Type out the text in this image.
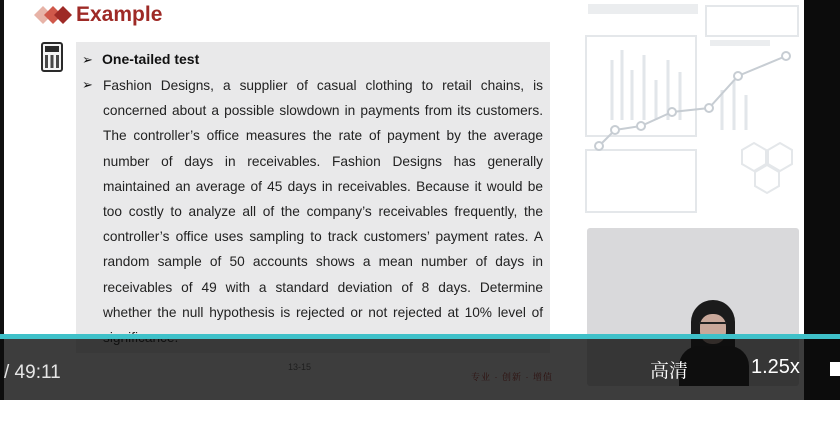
Example
➢ One-tailed test
➢ Fashion Designs, a supplier of casual clothing to retail chains, is
concerned about a possible slowdown in payments from its customers.
The controller’s office measures the rate of payment by the average
number of days in receivables. Fashion Designs has generally
maintained an average of 45 days in receivables. Because it would be
too costly to analyze all of the company’s receivables frequently, the
controller’s office uses sampling to track customers’ payment rates. A
random sample of 50 accounts shows a mean number of days in
receivables of 49 with a standard deviation of 8 days. Determine
whether the null hypothesis is rejected or not rejected at 10% level of
/ 49:11	高清	1.25x
